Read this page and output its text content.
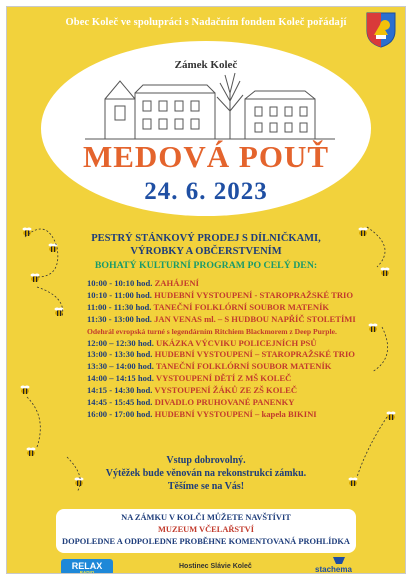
Obec Koleč ve spolupráci s Nadačním fondem Koleč pořádají
Zámek Koleč
MEDOVÁ POUŤ
24. 6. 2023
PESTRÝ STÁNKOVÝ PRODEJ S DÍLNIČKAMI,
VÝROBKY A OBČERSTVENÍM
BOHATÝ KULTURNÍ PROGRAM PO CELÝ DEN:
10:00 - 10:10 hod. ZAHÁJENÍ
10:10 - 11:00 hod. HUDEBNÍ VYSTOUPENÍ - STAROPRAŽSKÉ TRIO
11:00 - 11:30 hod. TANEČNÍ FOLKLÓRNÍ SOUBOR MATENÍK
11:30 - 13:00 hod. JAN VENAS ml. – S HUDBOU NAPŘÍČ STOLETÍMI
Odehrál evropská turné s legendárním Ritchiem Blackmorem z Deep Purple.
12:00 – 12:30 hod. UKÁZKA VÝCVIKU POLICEJNÍCH PSŮ
13:00 - 13:30 hod. HUDEBNÍ VYSTOUPENÍ – STAROPRAŽSKÉ TRIO
13:30 – 14:00 hod. TANEČNÍ FOLKLÓRNÍ SOUBOR MATENÍK
14:00 – 14:15 hod. VYSTOUPENÍ DĚTÍ Z MŠ KOLEČ
14:15 - 14:30 hod. VYSTOUPENÍ ŽÁKŮ ZE ZŠ KOLEČ
14:45 - 15:45 hod. DIVADLO PRUHOVANÉ PANENKY
16:00 - 17:00 hod. HUDEBNÍ VYSTOUPENÍ – kapela BIKINI
Vstup dobrovolný.
Výtěžek bude věnován na rekonstrukci zámku.
Těšíme se na Vás!
NA ZÁMKU V KOLČI MŮŽETE NAVŠTÍVIT
MUZEUM VČELAŘSTVÍ
DOPOLEDNE A ODPOLEDNE PROBĚHNE KOMENTOVANÁ PROHLÍDKA
RELAX
RADIO
Hostinec Slávie Koleč	stachema
